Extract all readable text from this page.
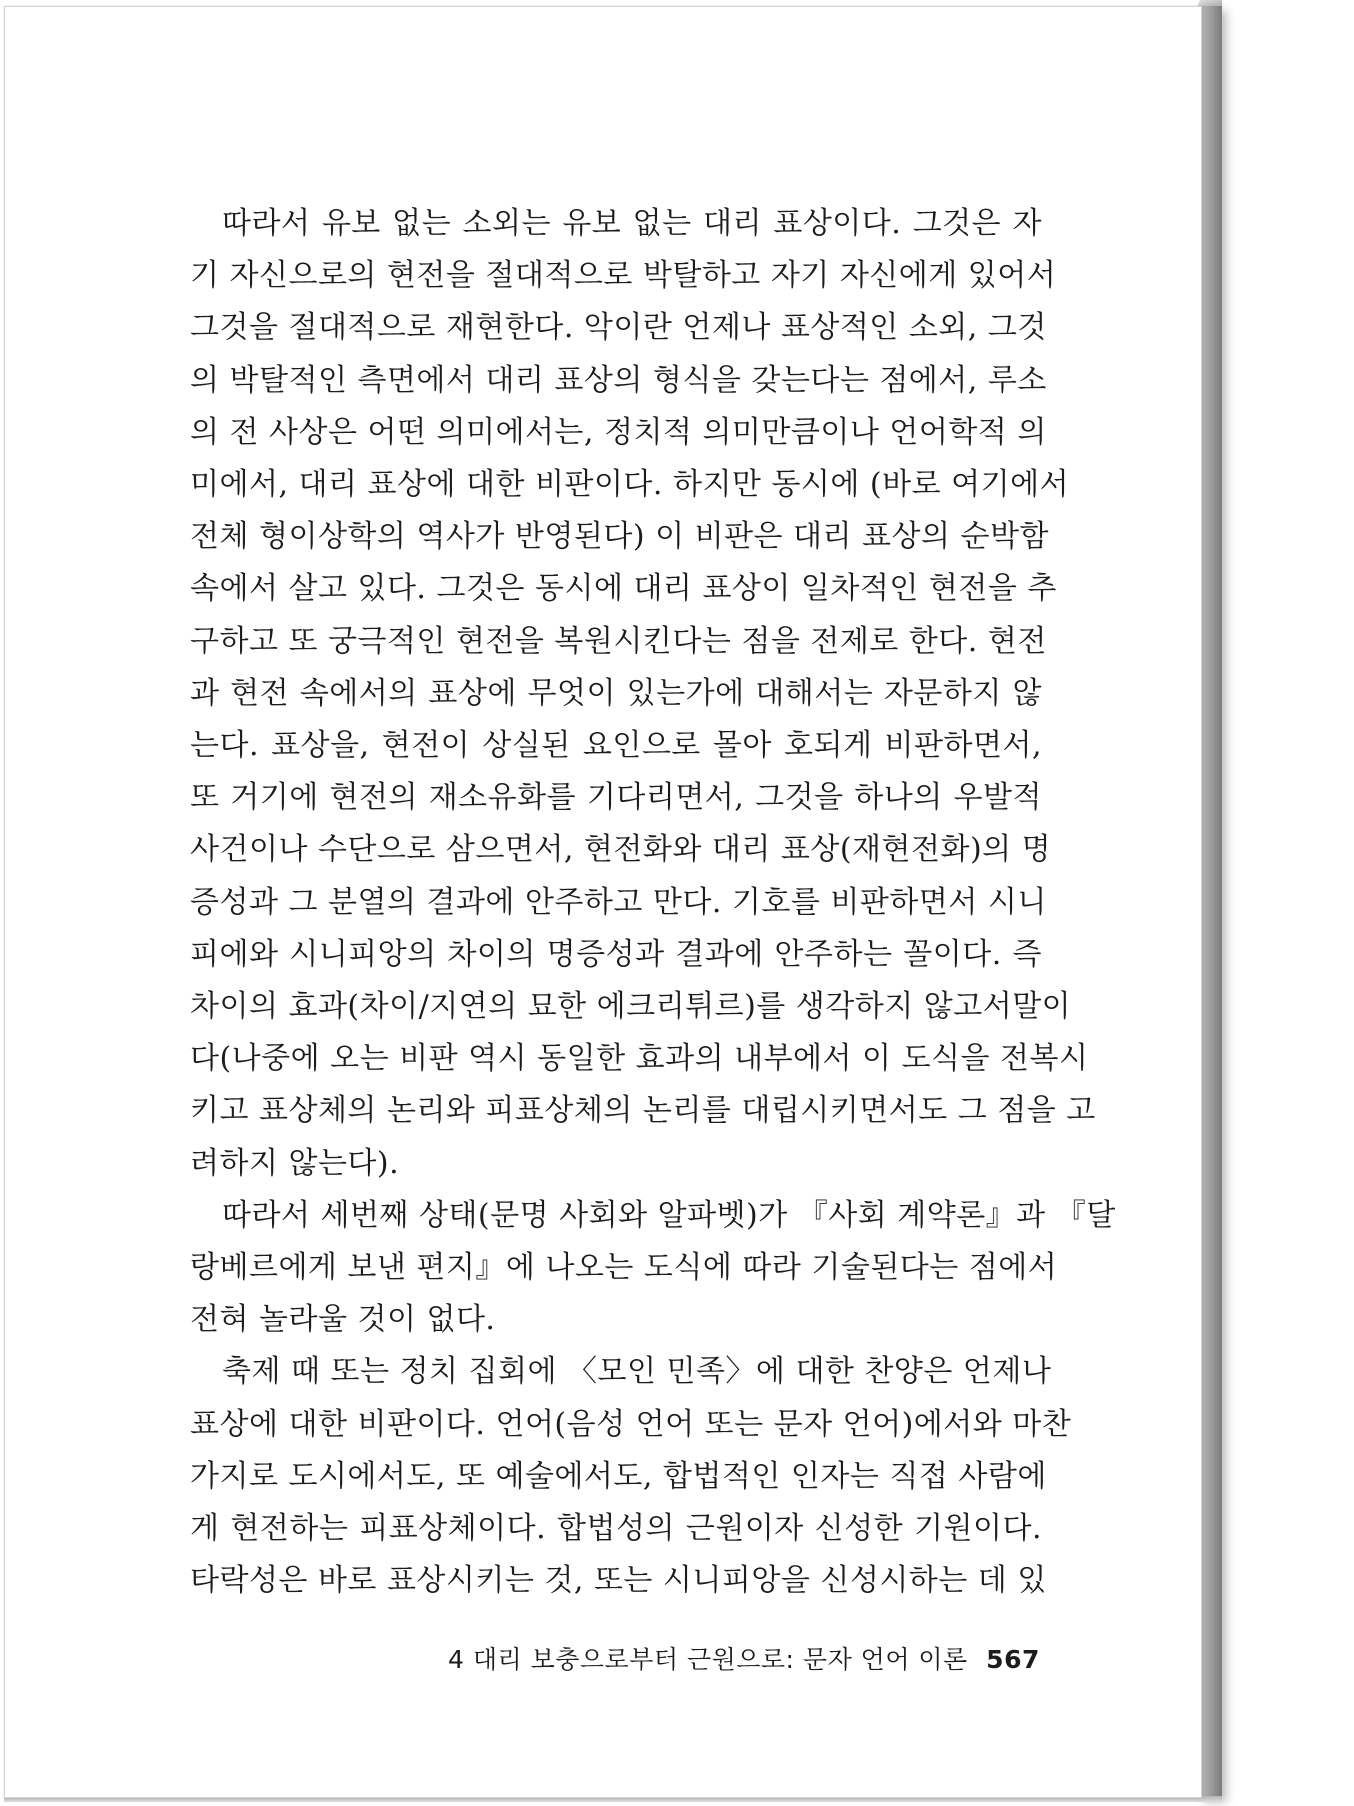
따라서 유보 없는 소외는 유보 없는 대리 표상이다. 그것은 자
기 자신으로의 현전을 절대적으로 박탈하고 자기 자신에게 있어서
그것을 절대적으로 재현한다. 악이란 언제나 표상적인 소외, 그것
의 박탈적인 측면에서 대리 표상의 형식을 갖는다는 점에서, 루소
의 전 사상은 어떤 의미에서는, 정치적 의미만큼이나 언어학적 의
미에서, 대리 표상에 대한 비판이다. 하지만 동시에 (바로 여기에서
전체 형이상학의 역사가 반영된다) 이 비판은 대리 표상의 순박함
속에서 살고 있다. 그것은 동시에 대리 표상이 일차적인 현전을 추
구하고 또 궁극적인 현전을 복원시킨다는 점을 전제로 한다. 현전
과 현전 속에서의 표상에 무엇이 있는가에 대해서는 자문하지 않
는다. 표상을, 현전이 상실된 요인으로 몰아 호되게 비판하면서,
또 거기에 현전의 재소유화를 기다리면서, 그것을 하나의 우발적
사건이나 수단으로 삼으면서, 현전화와 대리 표상(재현전화)의 명
증성과 그 분열의 결과에 안주하고 만다. 기호를 비판하면서 시니
피에와 시니피앙의 차이의 명증성과 결과에 안주하는 꼴이다. 즉
차이의 효과(차이/지연의 묘한 에크리튀르)를 생각하지 않고서말이
다(나중에 오는 비판 역시 동일한 효과의 내부에서 이 도식을 전복시
키고 표상체의 논리와 피표상체의 논리를 대립시키면서도 그 점을 고
려하지 않는다).
따라서 세번째 상태(문명 사회와 알파벳)가 『사회 계약론』과 『달
랑베르에게 보낸 편지』에 나오는 도식에 따라 기술된다는 점에서
전혀 놀라울 것이 없다.
축제 때 또는 정치 집회에 〈모인 민족〉에 대한 찬양은 언제나
표상에 대한 비판이다. 언어(음성 언어 또는 문자 언어)에서와 마찬
가지로 도시에서도, 또 예술에서도, 합법적인 인자는 직접 사람에
게 현전하는 피표상체이다. 합법성의 근원이자 신성한 기원이다.
타락성은 바로 표상시키는 것, 또는 시니피앙을 신성시하는 데 있
4 대리 보충으로부터 근원으로: 문자 언어 이론 567
